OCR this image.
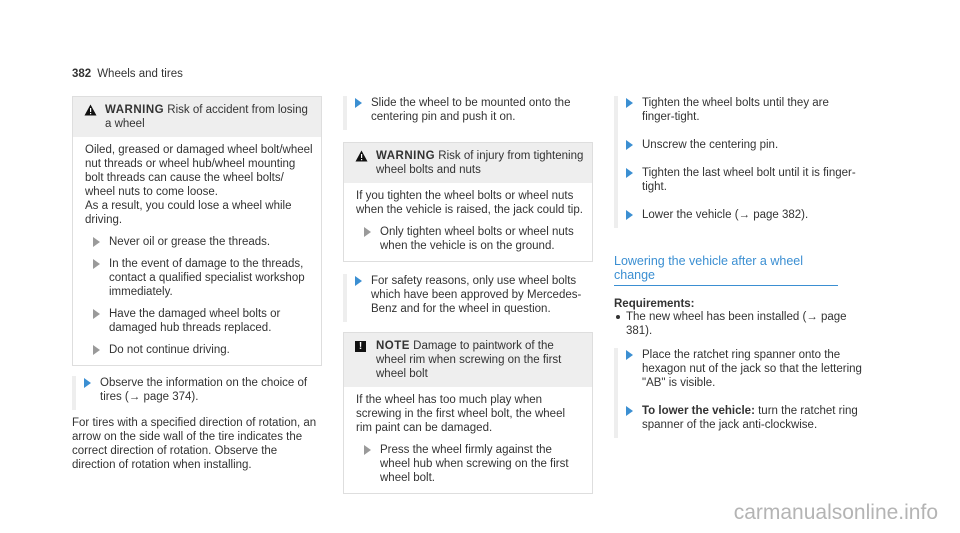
382 Wheels and tires
WARNING Risk of accident from losing a wheel

Oiled, greased or damaged wheel bolt/wheel nut threads or wheel hub/wheel mounting bolt threads can cause the wheel bolts/ wheel nuts to come loose.

As a result, you could lose a wheel while driving.

Never oil or grease the threads.
In the event of damage to the threads, contact a qualified specialist workshop immediately.
Have the damaged wheel bolts or damaged hub threads replaced.
Do not continue driving.
Observe the information on the choice of tires (→ page 374).

For tires with a specified direction of rotation, an arrow on the side wall of the tire indicates the correct direction of rotation. Observe the direction of rotation when installing.

Slide the wheel to be mounted onto the centering pin and push it on.
WARNING Risk of injury from tightening wheel bolts and nuts

If you tighten the wheel bolts or wheel nuts when the vehicle is raised, the jack could tip.

Only tighten wheel bolts or wheel nuts when the vehicle is on the ground.
For safety reasons, only use wheel bolts which have been approved by Mercedes-Benz and for the wheel in question.
!	NOTE Damage to paintwork of the wheel rim when screwing on the first wheel bolt

If the wheel has too much play when screwing in the first wheel bolt, the wheel rim paint can be damaged.

Press the wheel firmly against the wheel hub when screwing on the first wheel bolt.
Tighten the wheel bolts until they are finger-tight.
Unscrew the centering pin.
Tighten the last wheel bolt until it is finger-tight.
Lower the vehicle (→ page 382).
Lowering the vehicle after a wheel change
Requirements:
The new wheel has been installed (→ page 381).
Place the ratchet ring spanner onto the hexagon nut of the jack so that the lettering "AB" is visible.
To lower the vehicle: turn the ratchet ring spanner of the jack anti-clockwise.
carmanualsonline.info
